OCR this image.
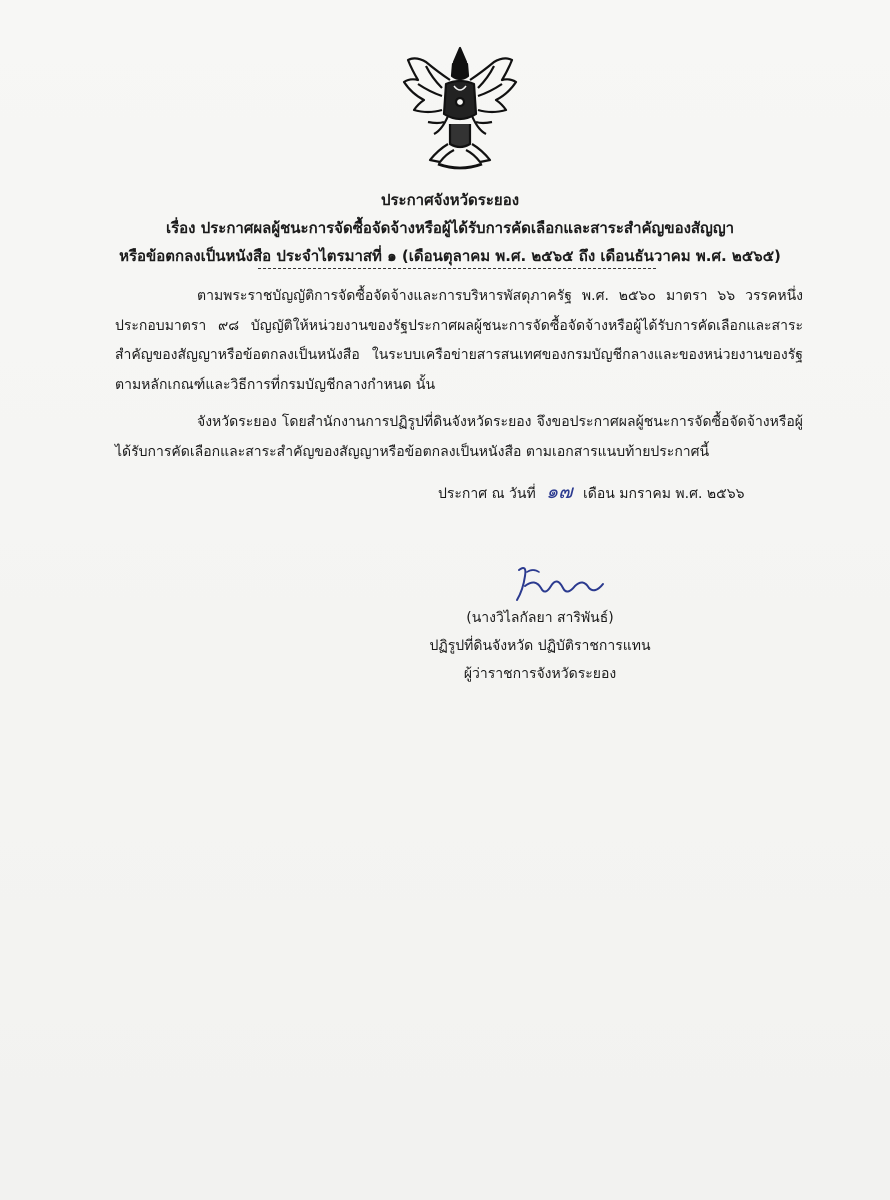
ประกาศจังหวัดระยอง
เรื่อง ประกาศผลผู้ชนะการจัดซื้อจัดจ้างหรือผู้ได้รับการคัดเลือกและสาระสำคัญของสัญญา
หรือข้อตกลงเป็นหนังสือ ประจำไตรมาสที่ ๑ (เดือนตุลาคม พ.ศ. ๒๕๖๕ ถึง เดือนธันวาคม พ.ศ. ๒๕๖๕)
ตามพระราชบัญญัติการจัดซื้อจัดจ้างและการบริหารพัสดุภาครัฐ พ.ศ. ๒๕๖๐ มาตรา ๖๖ วรรคหนึ่ง ประกอบมาตรา ๙๘ บัญญัติให้หน่วยงานของรัฐประกาศผลผู้ชนะการจัดซื้อจัดจ้างหรือผู้ได้รับการคัดเลือกและสาระสำคัญของสัญญาหรือข้อตกลงเป็นหนังสือ ในระบบเครือข่ายสารสนเทศของกรมบัญชีกลางและของหน่วยงานของรัฐตามหลักเกณฑ์และวิธีการที่กรมบัญชีกลางกำหนด นั้น
จังหวัดระยอง โดยสำนักงานการปฏิรูปที่ดินจังหวัดระยอง จึงขอประกาศผลผู้ชนะการจัดซื้อจัดจ้างหรือผู้ได้รับการคัดเลือกและสาระสำคัญของสัญญาหรือข้อตกลงเป็นหนังสือ ตามเอกสารแนบท้ายประกาศนี้
ประกาศ ณ วันที่ ๑๗ เดือน มกราคม พ.ศ. ๒๕๖๖
(นางวิไลกัลยา สาริพันธ์)
ปฏิรูปที่ดินจังหวัด ปฏิบัติราชการแทน
ผู้ว่าราชการจังหวัดระยอง
